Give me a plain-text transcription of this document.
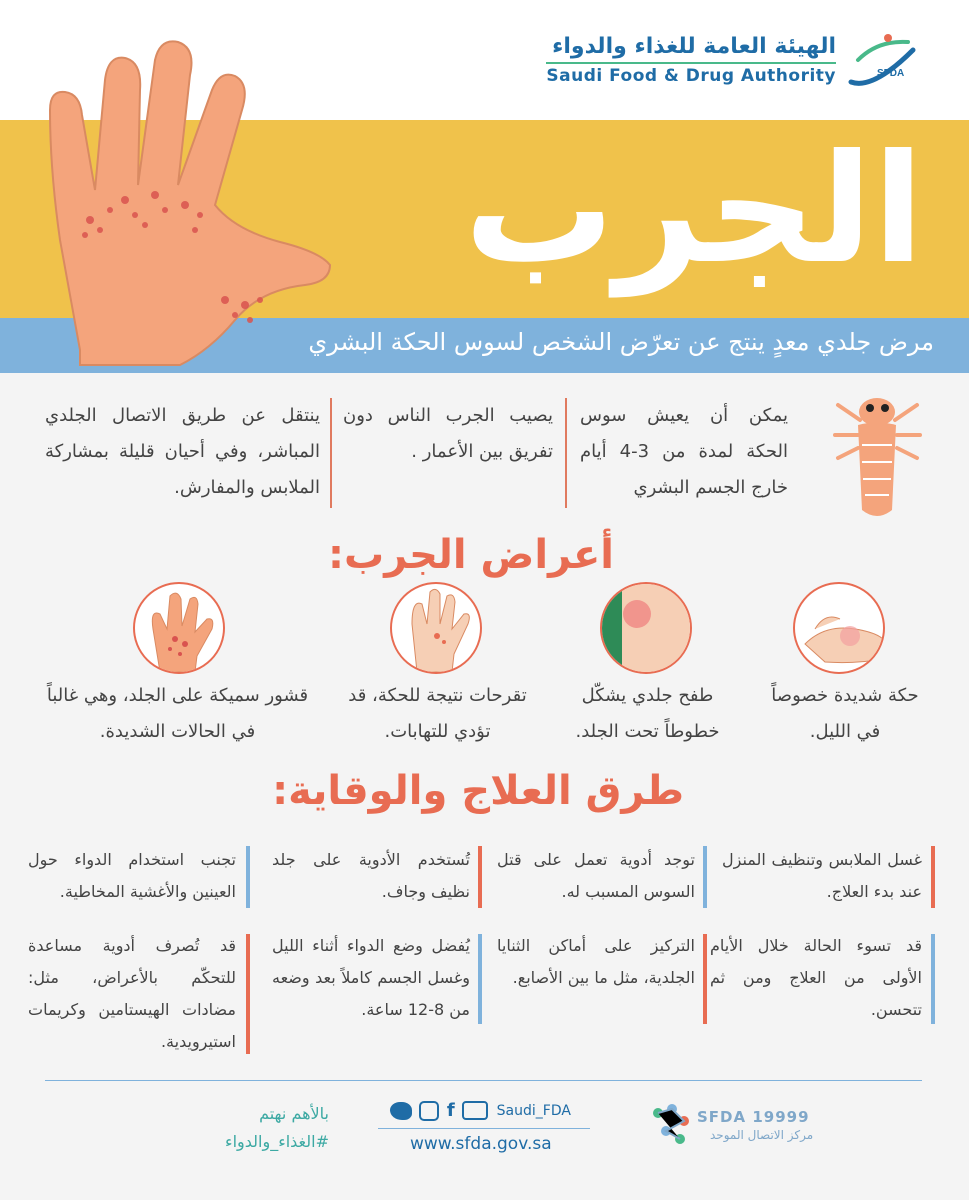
الهيئة العامة للغذاء والدواء
Saudi Food & Drug Authority	SFDA
الجرب
مرض جلدي معدٍ ينتج عن تعرّض الشخص لسوس الحكة البشري
يمكن أن يعيش سوس الحكة لمدة من 3-4 أيام خارج الجسم البشري
يصيب الجرب الناس دون تفريق بين الأعمار .
ينتقل عن طريق الاتصال الجلدي المباشر، وفي أحيان قليلة بمشاركة الملابس والمفارش.
أعراض الجرب:
حكة شديدة خصوصاً في الليل.
طفح جلدي يشكّل خطوطاً تحت الجلد.
تقرحات نتيجة للحكة، قد تؤدي للتهابات.
قشور سميكة على الجلد، وهي غالباً في الحالات الشديدة.
طرق العلاج والوقاية:
غسل الملابس وتنظيف المنزل عند بدء العلاج.
توجد أدوية تعمل على قتل السوس المسبب له.
تُستخدم الأدوية على جلد نظيف وجاف.
تجنب استخدام الدواء حول العينين والأغشية المخاطية.
قد تسوء الحالة خلال الأيام الأولى من العلاج ومن ثم تتحسن.
التركيز على أماكن الثنايا الجلدية، مثل ما بين الأصابع.
يُفضل وضع الدواء أثناء الليل وغسل الجسم كاملاً بعد وضعه من 8-12 ساعة.
قد تُصرف أدوية مساعدة للتحكّم بالأعراض، مثل: مضادات الهيستامين وكريمات استيرويدية.
بالأهم نهتم
#الغذاء_والدواء
f	Saudi_FDA
www.sfda.gov.sa
SFDA 19999
مركز الاتصال الموحد
